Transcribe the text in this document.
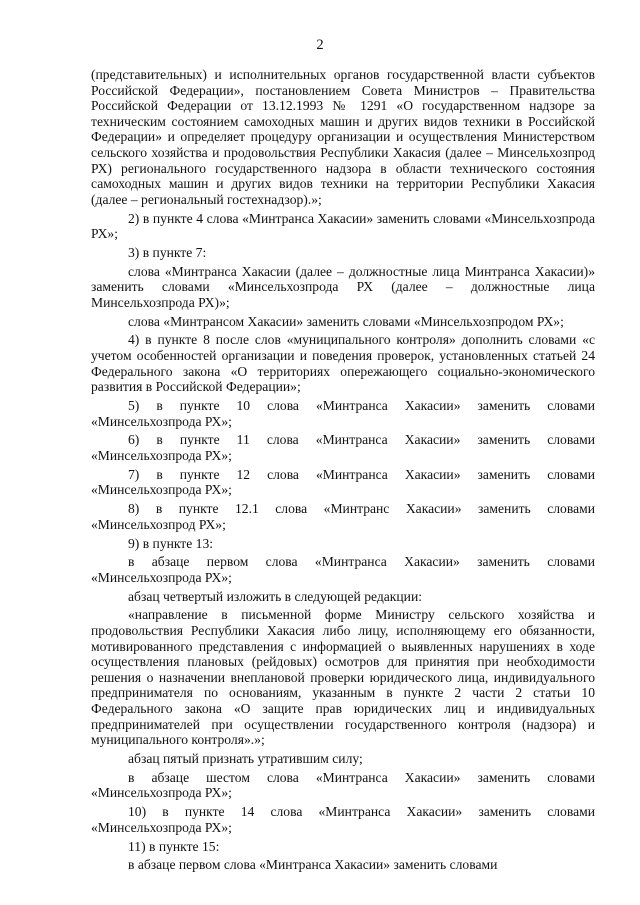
2

(представительных) и исполнительных органов государственной власти субъектов Российской Федерации», постановлением Совета Министров – Правительства Российской Федерации от 13.12.1993 № 1291 «О государственном надзоре за техническим состоянием самоходных машин и других видов техники в Российской Федерации» и определяет процедуру организации и осуществления Министерством сельского хозяйства и продовольствия Республики Хакасия (далее – Минсельхозпрод РХ) регионального государственного надзора в области технического состояния самоходных машин и других видов техники на территории Республики Хакасия (далее – региональный гостехнадзор).»;

2) в пункте 4 слова «Минтранса Хакасии» заменить словами «Минсельхозпрода РХ»;

3) в пункте 7:

слова «Минтранса Хакасии (далее – должностные лица Минтранса Хакасии)» заменить словами «Минсельхозпрода РХ (далее – должностные лица Минсельхозпрода РХ)»;

слова «Минтрансом Хакасии» заменить словами «Минсельхозпродом РХ»;

4) в пункте 8 после слов «муниципального контроля» дополнить словами «с учетом особенностей организации и поведения проверок, установленных статьей 24 Федерального закона «О территориях опережающего социально-экономического развития в Российской Федерации»;

5) в пункте 10 слова «Минтранса Хакасии» заменить словами «Минсельхозпрода РХ»;

6) в пункте 11 слова «Минтранса Хакасии» заменить словами «Минсельхозпрода РХ»;

7) в пункте 12 слова «Минтранса Хакасии» заменить словами «Минсельхозпрода РХ»;

8) в пункте 12.1 слова «Минтранс Хакасии» заменить словами «Минсельхозпрод РХ»;

9) в пункте 13:

в абзаце первом слова «Минтранса Хакасии» заменить словами «Минсельхозпрода РХ»;

абзац четвертый изложить в следующей редакции:

«направление в письменной форме Министру сельского хозяйства и продовольствия Республики Хакасия либо лицу, исполняющему его обязанности, мотивированного представления с информацией о выявленных нарушениях в ходе осуществления плановых (рейдовых) осмотров для принятия при необходимости решения о назначении внеплановой проверки юридического лица, индивидуального предпринимателя по основаниям, указанным в пункте 2 части 2 статьи 10 Федерального закона «О защите прав юридических лиц и индивидуальных предпринимателей при осуществлении государственного контроля (надзора) и муниципального контроля».»;

абзац пятый признать утратившим силу;

в абзаце шестом слова «Минтранса Хакасии» заменить словами «Минсельхозпрода РХ»;

10) в пункте 14 слова «Минтранса Хакасии» заменить словами «Минсельхозпрода РХ»;

11) в пункте 15:

в абзаце первом слова «Минтранса Хакасии» заменить словами
